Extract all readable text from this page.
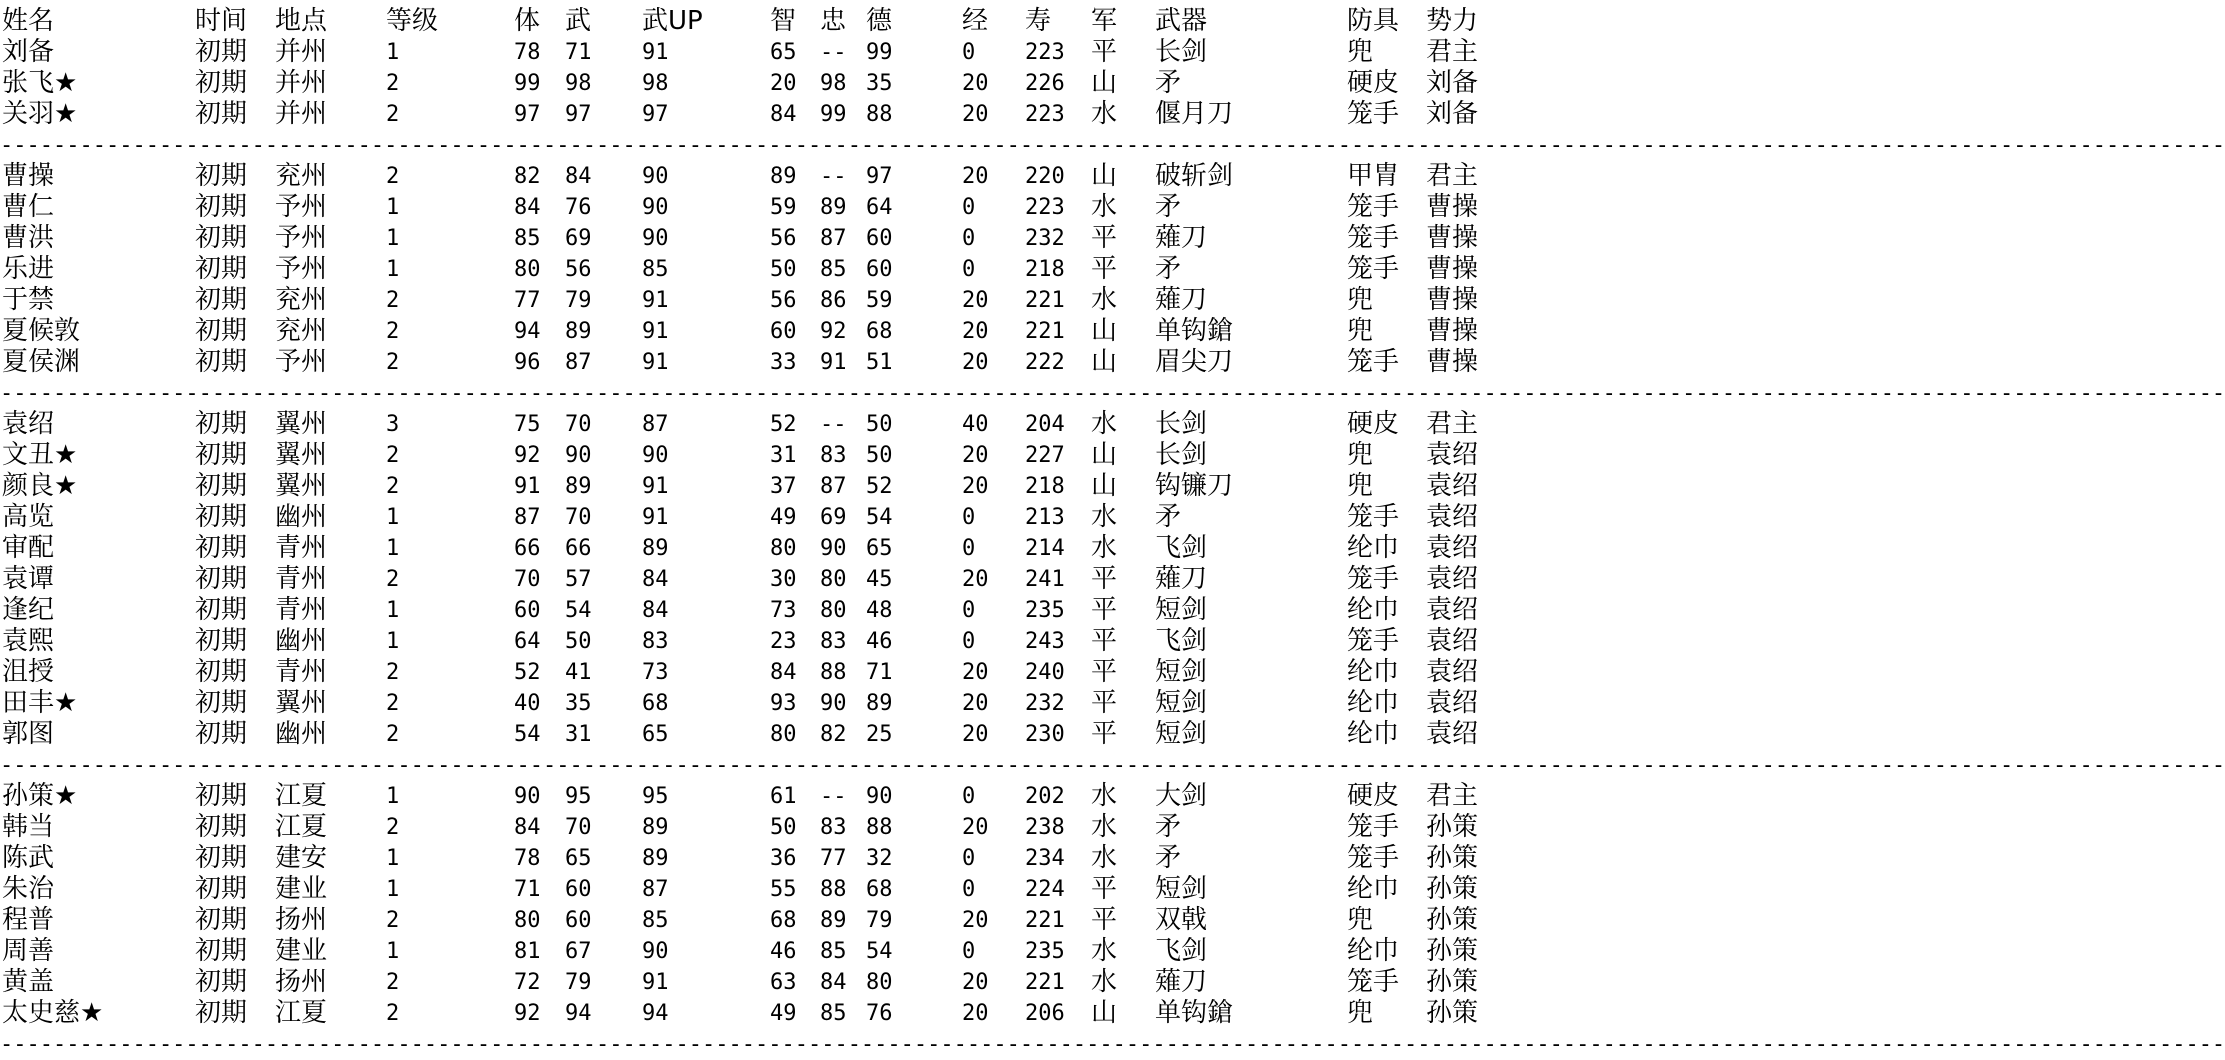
姓名	时间 地点 等级	体 武 武UP	智 忠 德	经 寿 军 武器	防具 势力
刘备	初期 并州	1	78 71 91	65 -- 99	0 223 平 长剑	兜 君主
张飞★	初期 并州	2	99 98 98	20 98 35	20 226 山 矛	硬皮 刘备
关羽★	初期 并州	2	97 97 97	84 99 88	20 223 水 偃月刀	笼手 刘备
------------------------------------------------------------------------------------------------------------------------------------------------------------------------
曹操	初期 兖州	2	82 84 90	89 -- 97	20 220 山 破斩剑	甲胄 君主
曹仁	初期 予州	1	84 76 90	59 89 64	0 223 水 矛	笼手 曹操
曹洪	初期 予州	1	85 69 90	56 87 60	0 232 平 薙刀	笼手 曹操
乐进	初期 予州	1	80 56 85	50 85 60	0 218 平 矛	笼手 曹操
于禁	初期 兖州	2	77 79 91	56 86 59	20 221 水 薙刀	兜 曹操
夏候敦	初期 兖州	2	94 89 91	60 92 68	20 221 山 单钩鎗	兜 曹操
夏侯渊	初期 予州	2	96 87 91	33 91 51	20 222 山 眉尖刀	笼手 曹操
------------------------------------------------------------------------------------------------------------------------------------------------------------------------
袁绍	初期 翼州	3	75 70 87	52 -- 50	40 204 水 长剑	硬皮 君主
文丑★	初期 翼州	2	92 90 90	31 83 50	20 227 山 长剑	兜 袁绍
颜良★	初期 翼州	2	91 89 91	37 87 52	20 218 山 钩镰刀	兜 袁绍
高览	初期 幽州	1	87 70 91	49 69 54	0 213 水 矛	笼手 袁绍
审配	初期 青州	1	66 66 89	80 90 65	0 214 水 飞剑	纶巾 袁绍
袁谭	初期 青州	2	70 57 84	30 80 45	20 241 平 薙刀	笼手 袁绍
逢纪	初期 青州	1	60 54 84	73 80 48	0 235 平 短剑	纶巾 袁绍
袁熙	初期 幽州	1	64 50 83	23 83 46	0 243 平 飞剑	笼手 袁绍
沮授	初期 青州	2	52 41 73	84 88 71	20 240 平 短剑	纶巾 袁绍
田丰★	初期 翼州	2	40 35 68	93 90 89	20 232 平 短剑	纶巾 袁绍
郭图	初期 幽州	2	54 31 65	80 82 25	20 230 平 短剑	纶巾 袁绍
------------------------------------------------------------------------------------------------------------------------------------------------------------------------
孙策★	初期 江夏	1	90 95 95	61 -- 90	0 202 水 大剑	硬皮 君主
韩当	初期 江夏	2	84 70 89	50 83 88	20 238 水 矛	笼手 孙策
陈武	初期 建安	1	78 65 89	36 77 32	0 234 水 矛	笼手 孙策
朱治	初期 建业	1	71 60 87	55 88 68	0 224 平 短剑	纶巾 孙策
程普	初期 扬州	2	80 60 85	68 89 79	20 221 平 双戟	兜 孙策
周善	初期 建业	1	81 67 90	46 85 54	0 235 水 飞剑	纶巾 孙策
黄盖	初期 扬州	2	72 79 91	63 84 80	20 221 水 薙刀	笼手 孙策
太史慈★	初期 江夏	2	92 94 94	49 85 76	20 206 山 单钩鎗	兜 孙策
------------------------------------------------------------------------------------------------------------------------------------------------------------------------
